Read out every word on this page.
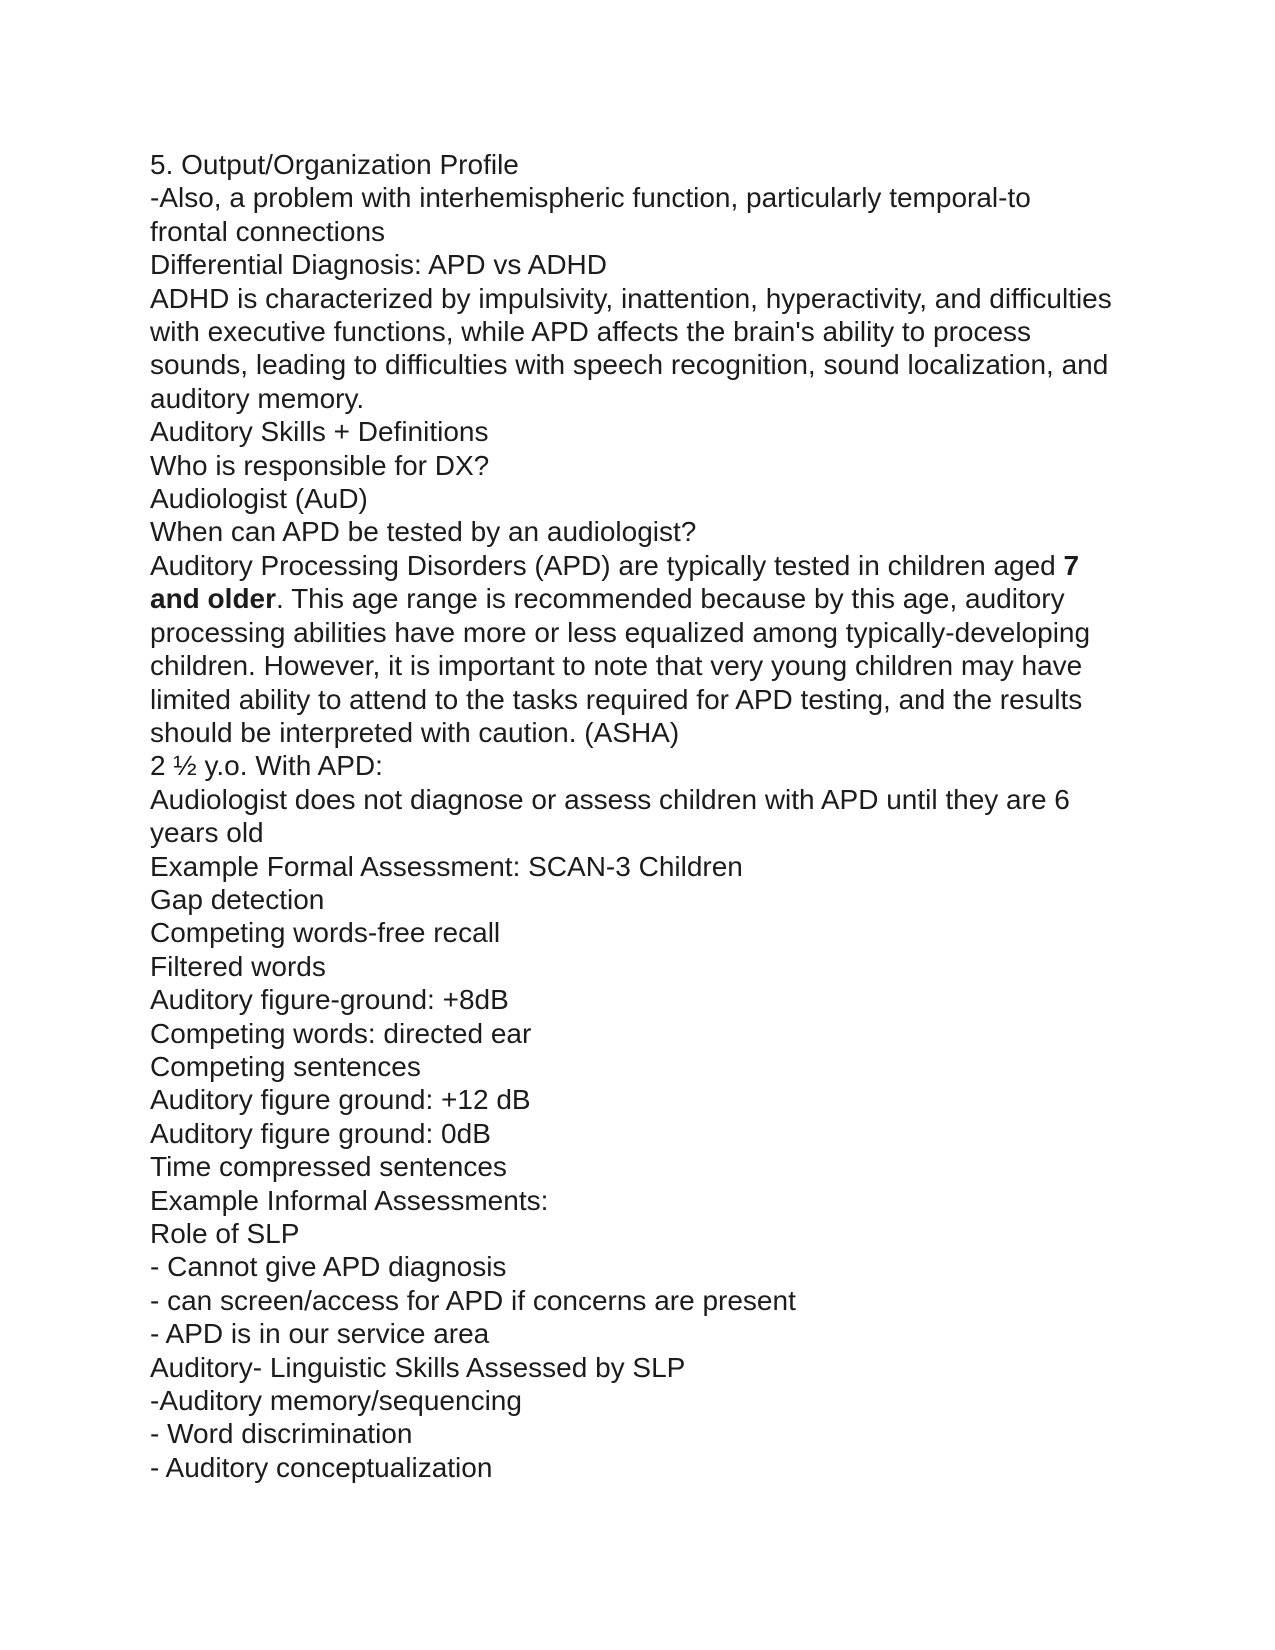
5. Output/Organization Profile

-Also, a problem with interhemispheric function, particularly temporal-to frontal connections

Differential Diagnosis: APD vs ADHD

ADHD is characterized by impulsivity, inattention, hyperactivity, and difficulties with executive functions, while APD affects the brain's ability to process sounds, leading to difficulties with speech recognition, sound localization, and auditory memory.

Auditory Skills + Definitions

Who is responsible for DX?

Audiologist (AuD)

When can APD be tested by an audiologist?

Auditory Processing Disorders (APD) are typically tested in children aged 7 and older. This age range is recommended because by this age, auditory processing abilities have more or less equalized among typically-developing children. However, it is important to note that very young children may have limited ability to attend to the tasks required for APD testing, and the results should be interpreted with caution. (ASHA)

2 ½ y.o. With APD:

Audiologist does not diagnose or assess children with APD until they are 6 years old

Example Formal Assessment: SCAN-3 Children

Gap detection

Competing words-free recall

Filtered words

Auditory figure-ground: +8dB

Competing words: directed ear

Competing sentences

Auditory figure ground: +12 dB

Auditory figure ground: 0dB

Time compressed sentences

Example Informal Assessments:

Role of SLP

- Cannot give APD diagnosis

- can screen/access for APD if concerns are present

- APD is in our service area

Auditory- Linguistic Skills Assessed by SLP

-Auditory memory/sequencing

- Word discrimination

- Auditory conceptualization
